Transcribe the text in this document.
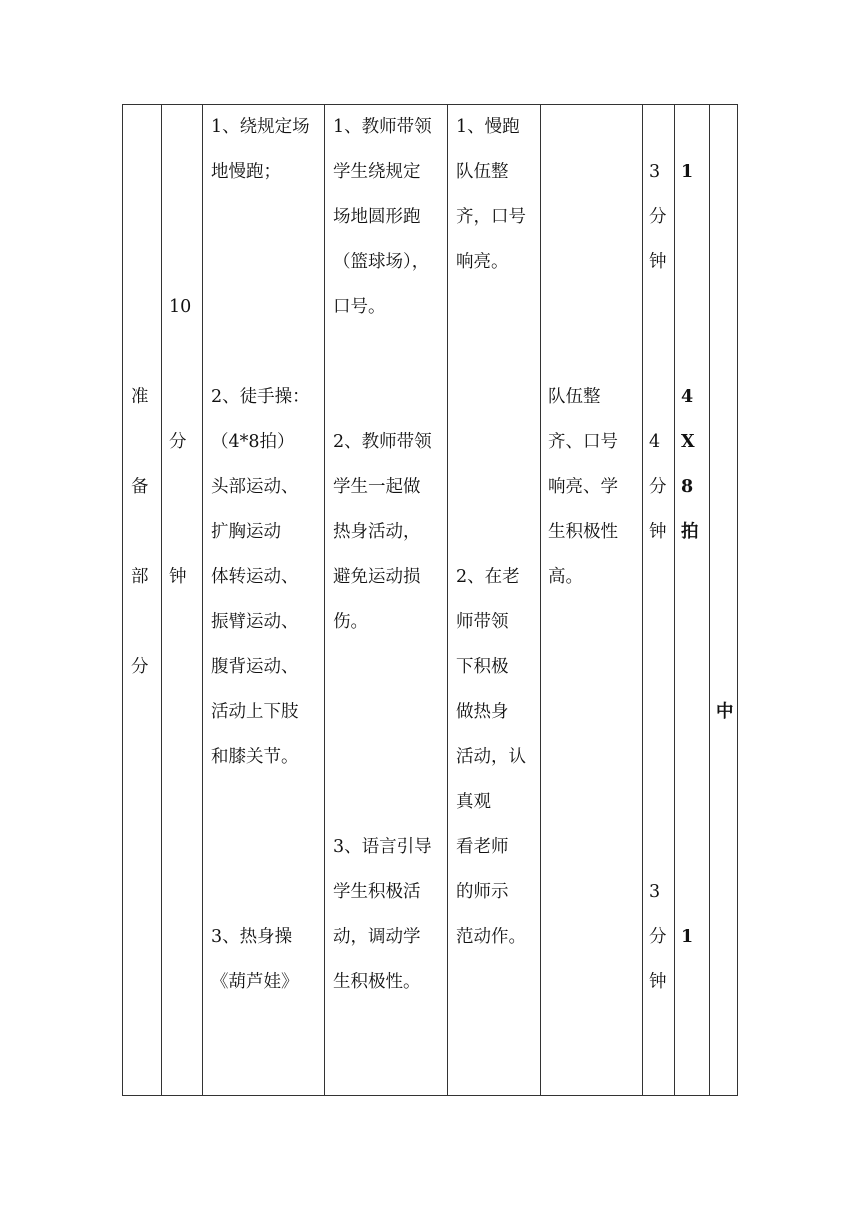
准
备
部
分
10
分
钟
1、绕规定场
地慢跑；
2、徒手操：
（4*8拍）
头部运动、
扩胸运动
体转运动、
振臂运动、
腹背运动、
活动上下肢
和膝关节。
3、热身操
《葫芦娃》
1、教师带领
学生绕规定
场地圆形跑
（篮球场），
口号。
2、教师带领
学生一起做
热身活动，
避免运动损
伤。
3、语言引导
学生积极活
动，调动学
生积极性。
1、慢跑
队伍整
齐，口号
响亮。
2、在老
师带领
下积极
做热身
活动，认
真观
看老师
的师示
范动作。
队伍整
齐、口号
响亮、学
生积极性
高。
3
分
钟
4
分
钟
3
分
钟
1
4
X
8
拍
1
中
